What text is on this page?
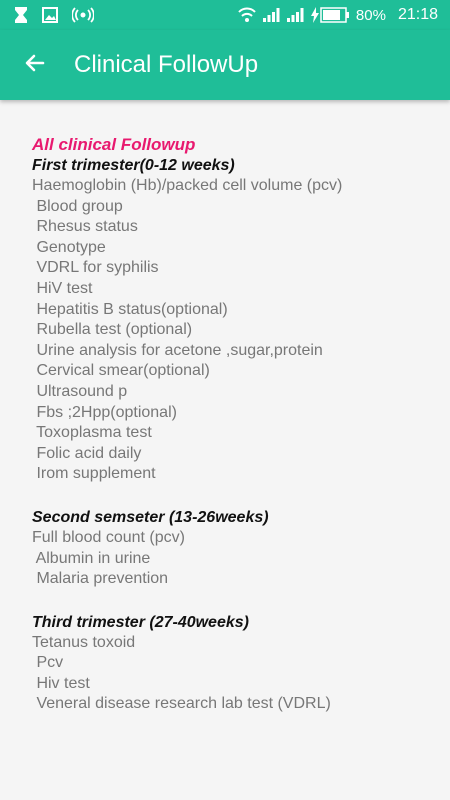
80% 21:18
Clinical FollowUp
All clinical Followup
First trimester(0-12 weeks)
Haemoglobin (Hb)/packed cell volume (pcv)
Blood group
Rhesus status
Genotype
VDRL for syphilis
HiV test
Hepatitis B status(optional)
Rubella test (optional)
Urine analysis for acetone ,sugar,protein
Cervical smear(optional)
Ultrasound p
Fbs ;2Hpp(optional)
Toxoplasma test
Folic acid daily
Irom supplement
Second semseter (13-26weeks)
Full blood count (pcv)
Albumin in urine
Malaria prevention
Third trimester (27-40weeks)
Tetanus toxoid
Pcv
Hiv test
Veneral disease research lab test (VDRL)
